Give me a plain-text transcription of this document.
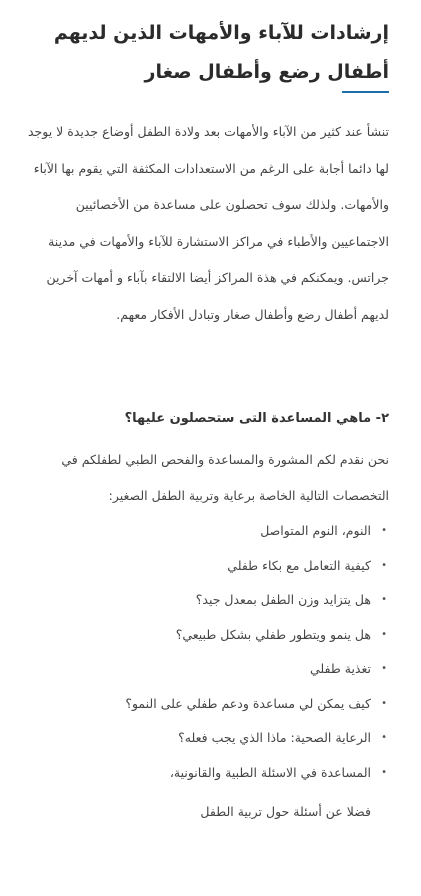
إرشادات للآباء والأمهات الذين لديهم أطفال رضع وأطفال صغار

تنشأ عند كثير من الآباء والأمهات بعد ولادة الطفل أوضاع جديدة لا يوجد لها دائما أجابة على الرغم من الاستعدادات المكثفة التي يقوم بها الآباء والأمهات. ولذلك سوف تحصلون على مساعدة من الأخصائيين الاجتماعيين والأطباء في مراكز الاستشارة للآباء والأمهات في مدينة جراتس. ويمكنكم في هذة المراكز أيضا الالتقاء بآباء و أمهات آخرين لديهم أطفال رضع وأطفال صغار وتبادل الأفكار معهم.

٢- ماهي المساعدة التى ستحصلون عليها؟

نحن نقدم لكم المشورة والمساعدة والفحص الطبي لطفلكم في التخصصات التالية الخاصة برعاية وتربية الطفل الصغير:

•
النوم، النوم المتواصل
•
كيفية التعامل مع بكاء طفلي
•
هل يتزايد وزن الطفل بمعدل جيد؟
•
هل ينمو ويتطور طفلي بشكل طبيعي؟
•
تغذية طفلي
•
كيف يمكن لي مساعدة ودعم طفلي على النمو؟
•
الرعاية الصحية: ماذا الذي يجب فعله؟
•
المساعدة في الاسئلة الطبية والقانونية،

فضلا عن أسئلة حول تربية الطفل
